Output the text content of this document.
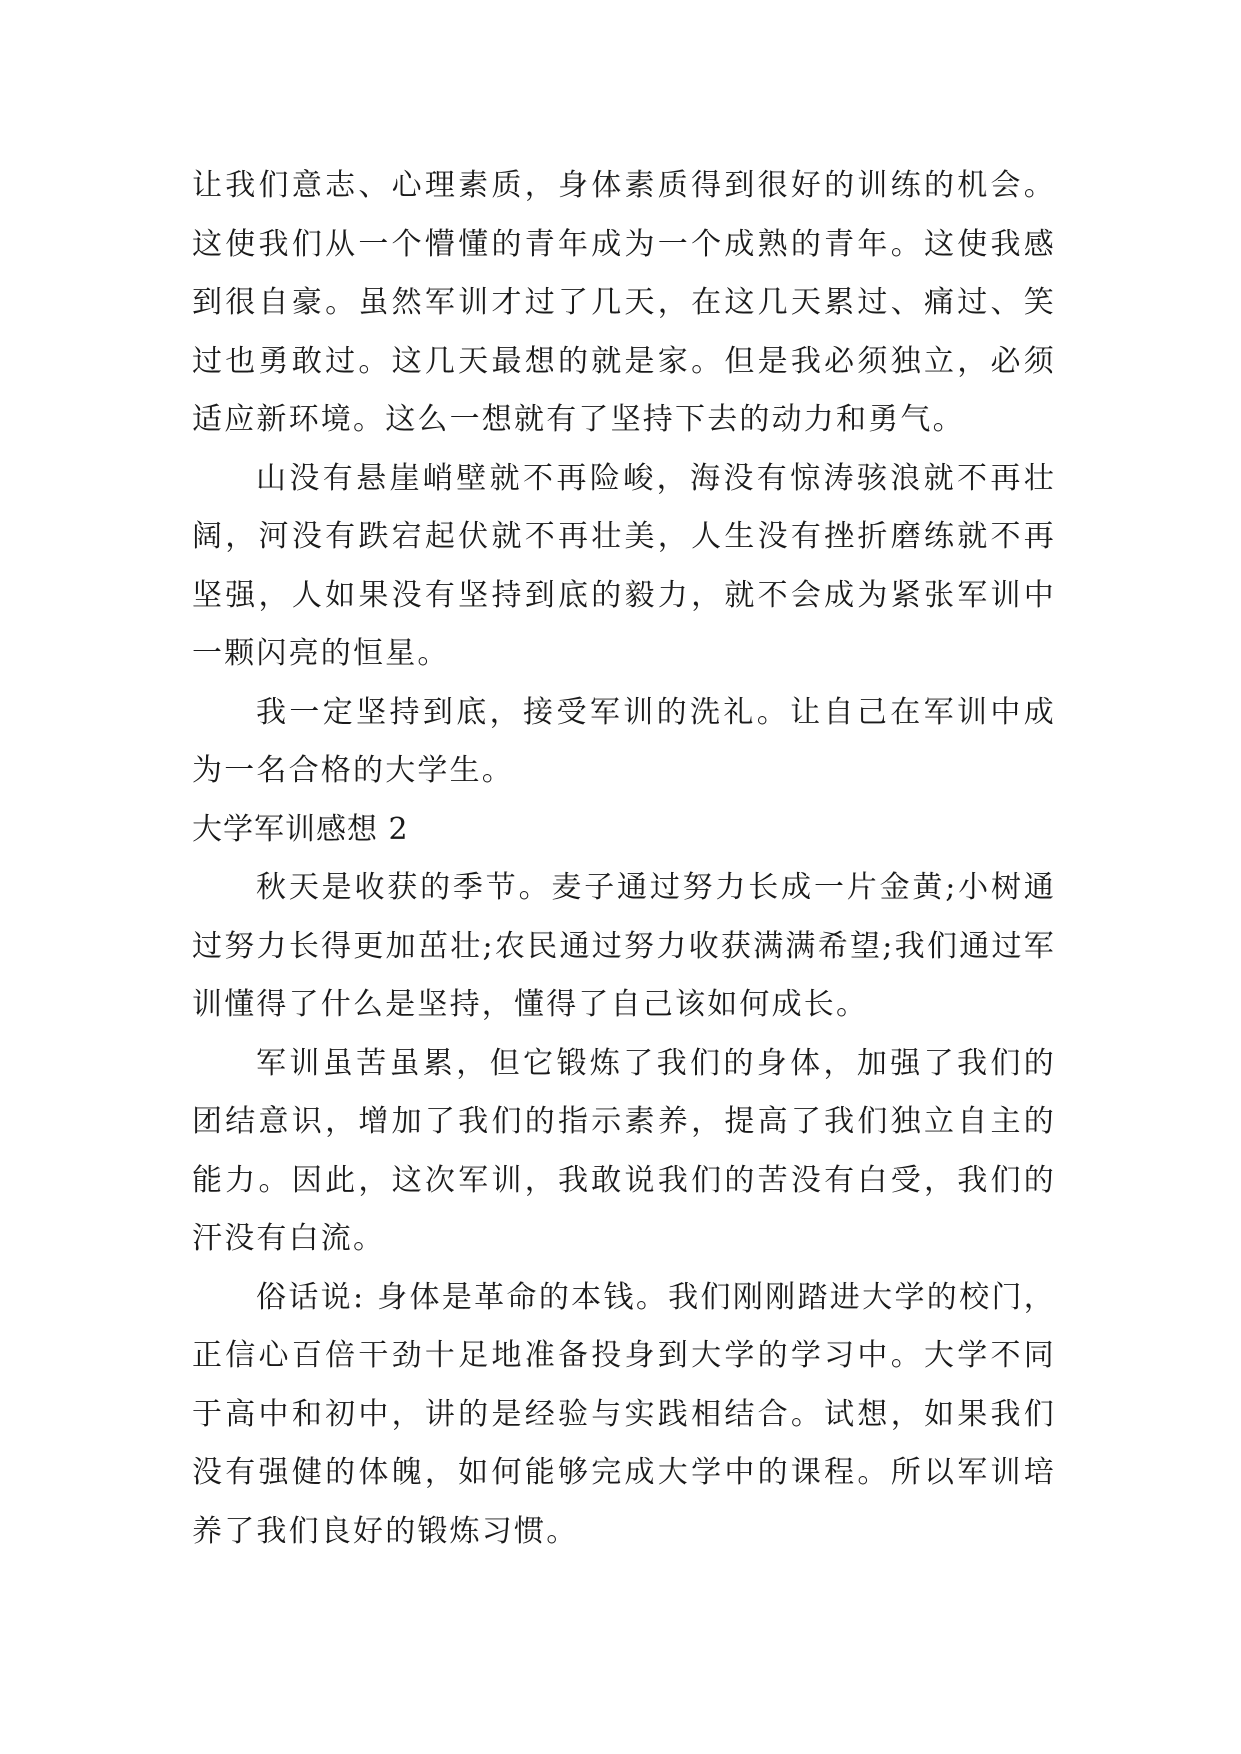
让我们意志、心理素质，身体素质得到很好的训练的机会。这使我们从一个懵懂的青年成为一个成熟的青年。这使我感到很自豪。虽然军训才过了几天，在这几天累过、痛过、笑过也勇敢过。这几天最想的就是家。但是我必须独立，必须适应新环境。这么一想就有了坚持下去的动力和勇气。

山没有悬崖峭壁就不再险峻，海没有惊涛骇浪就不再壮阔，河没有跌宕起伏就不再壮美，人生没有挫折磨练就不再坚强，人如果没有坚持到底的毅力，就不会成为紧张军训中一颗闪亮的恒星。

我一定坚持到底，接受军训的洗礼。让自己在军训中成为一名合格的大学生。

大学军训感想 2

秋天是收获的季节。麦子通过努力长成一片金黄;小树通过努力长得更加茁壮;农民通过努力收获满满希望;我们通过军训懂得了什么是坚持，懂得了自己该如何成长。

军训虽苦虽累，但它锻炼了我们的身体，加强了我们的团结意识，增加了我们的指示素养，提高了我们独立自主的能力。因此，这次军训，我敢说我们的苦没有白受，我们的汗没有白流。

俗话说: 身体是革命的本钱。我们刚刚踏进大学的校门，正信心百倍干劲十足地准备投身到大学的学习中。大学不同于高中和初中，讲的是经验与实践相结合。试想，如果我们没有强健的体魄，如何能够完成大学中的课程。所以军训培养了我们良好的锻炼习惯。
